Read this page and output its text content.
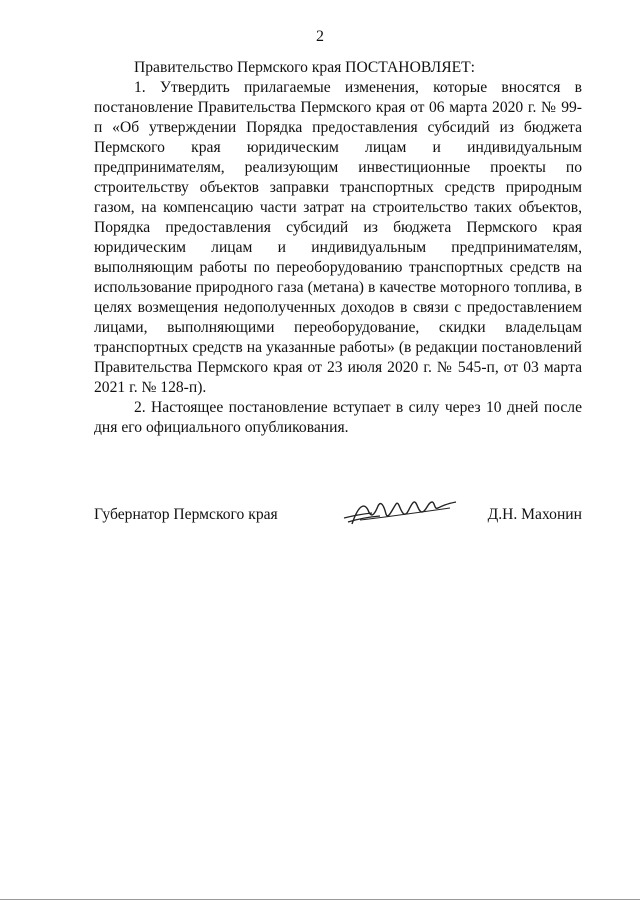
2

Правительство Пермского края ПОСТАНОВЛЯЕТ:

1. Утвердить прилагаемые изменения, которые вносятся в постановление Правительства Пермского края от 06 марта 2020 г. № 99-п «Об утверждении Порядка предоставления субсидий из бюджета Пермского края юридическим лицам и индивидуальным предпринимателям, реализующим инвестиционные проекты по строительству объектов заправки транспортных средств природным газом, на компенсацию части затрат на строительство таких объектов, Порядка предоставления субсидий из бюджета Пермского края юридическим лицам и индивидуальным предпринимателям, выполняющим работы по переоборудованию транспортных средств на использование природного газа (метана) в качестве моторного топлива, в целях возмещения недополученных доходов в связи с предоставлением лицами, выполняющими переоборудование, скидки владельцам транспортных средств на указанные работы» (в редакции постановлений Правительства Пермского края от 23 июля 2020 г. № 545-п, от 03 марта 2021 г. № 128-п).

2. Настоящее постановление вступает в силу через 10 дней после дня его официального опубликования.

Губернатор Пермского края	Д.Н. Махонин
